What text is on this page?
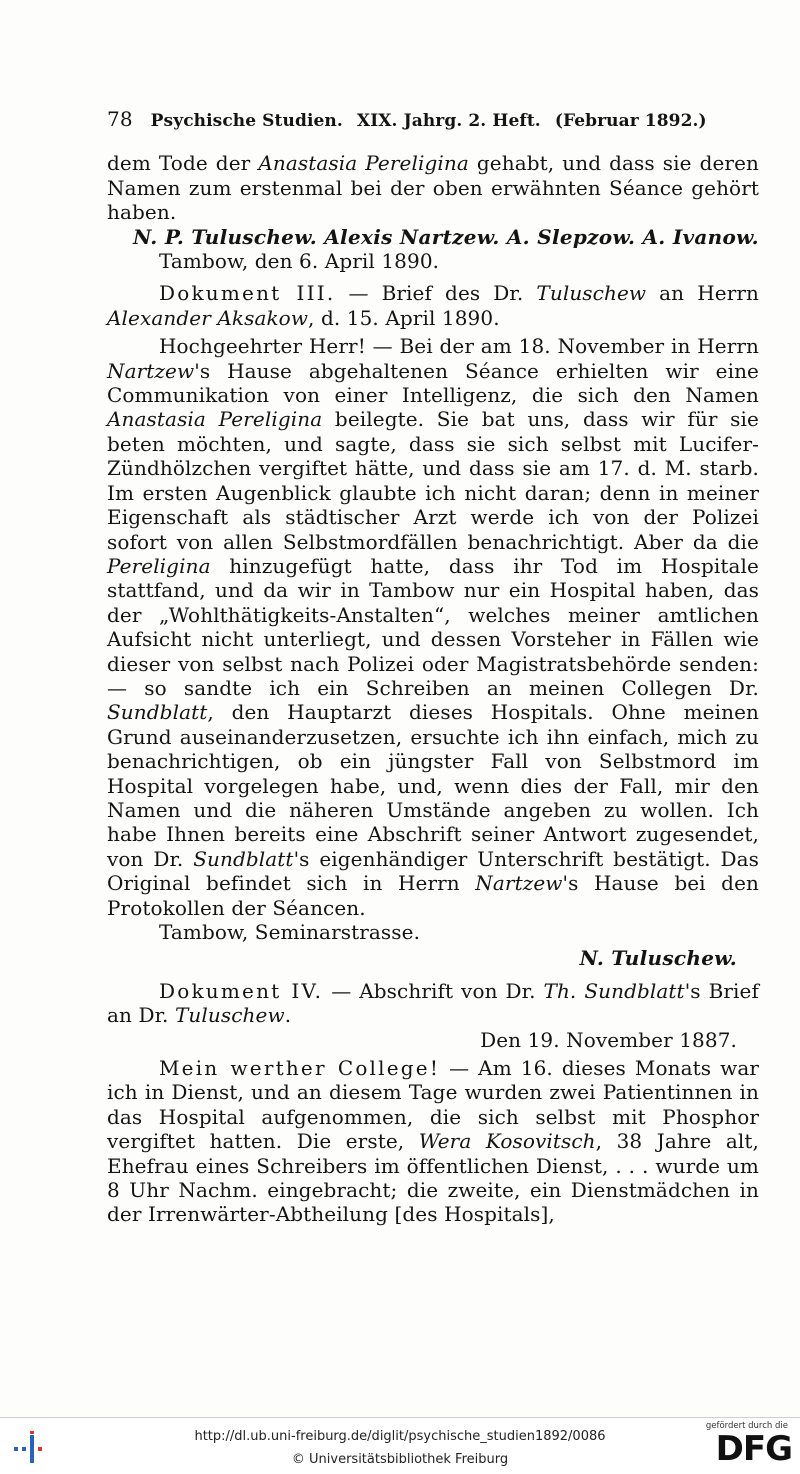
78 Psychische Studien. XIX. Jahrg. 2. Heft. (Februar 1892.)

dem Tode der Anastasia Pereligina gehabt, und dass sie deren Namen zum erstenmal bei der oben erwähnten Séance gehört haben.

N. P. Tuluschew. Alexis Nartzew. A. Slepzow. A. Ivanow.

Tambow, den 6. April 1890.

Dokument III. — Brief des Dr. Tuluschew an Herrn Alexander Aksakow, d. 15. April 1890.

Hochgeehrter Herr! — Bei der am 18. November in Herrn Nartzew's Hause abgehaltenen Séance erhielten wir eine Communikation von einer Intelligenz, die sich den Namen Anastasia Pereligina beilegte. Sie bat uns, dass wir für sie beten möchten, und sagte, dass sie sich selbst mit Lucifer-Zündhölzchen vergiftet hätte, und dass sie am 17. d. M. starb. Im ersten Augenblick glaubte ich nicht daran; denn in meiner Eigenschaft als städtischer Arzt werde ich von der Polizei sofort von allen Selbstmordfällen benachrichtigt. Aber da die Pereligina hinzugefügt hatte, dass ihr Tod im Hospitale stattfand, und da wir in Tambow nur ein Hospital haben, das der „Wohlthätigkeits-Anstalten“, welches meiner amtlichen Aufsicht nicht unterliegt, und dessen Vorsteher in Fällen wie dieser von selbst nach Polizei oder Magistratsbehörde senden: — so sandte ich ein Schreiben an meinen Collegen Dr. Sundblatt, den Hauptarzt dieses Hospitals. Ohne meinen Grund auseinanderzusetzen, ersuchte ich ihn einfach, mich zu benachrichtigen, ob ein jüngster Fall von Selbstmord im Hospital vorgelegen habe, und, wenn dies der Fall, mir den Namen und die näheren Umstände angeben zu wollen. Ich habe Ihnen bereits eine Abschrift seiner Antwort zugesendet, von Dr. Sundblatt's eigenhändiger Unterschrift bestätigt. Das Original befindet sich in Herrn Nartzew's Hause bei den Protokollen der Séancen.

Tambow, Seminarstrasse.

N. Tuluschew.

Dokument IV. — Abschrift von Dr. Th. Sundblatt's Brief an Dr. Tuluschew.

Den 19. November 1887.

Mein werther College! — Am 16. dieses Monats war ich in Dienst, und an diesem Tage wurden zwei Patientinnen in das Hospital aufgenommen, die sich selbst mit Phosphor vergiftet hatten. Die erste, Wera Kosovitsch, 38 Jahre alt, Ehefrau eines Schreibers im öffentlichen Dienst, . . . wurde um 8 Uhr Nachm. eingebracht; die zweite, ein Dienstmädchen in der Irrenwärter-Abtheilung [des Hospitals],

http://dl.ub.uni-freiburg.de/diglit/psychische_studien1892/0086
© Universitätsbibliothek Freiburg
gefördert durch die
DFG
